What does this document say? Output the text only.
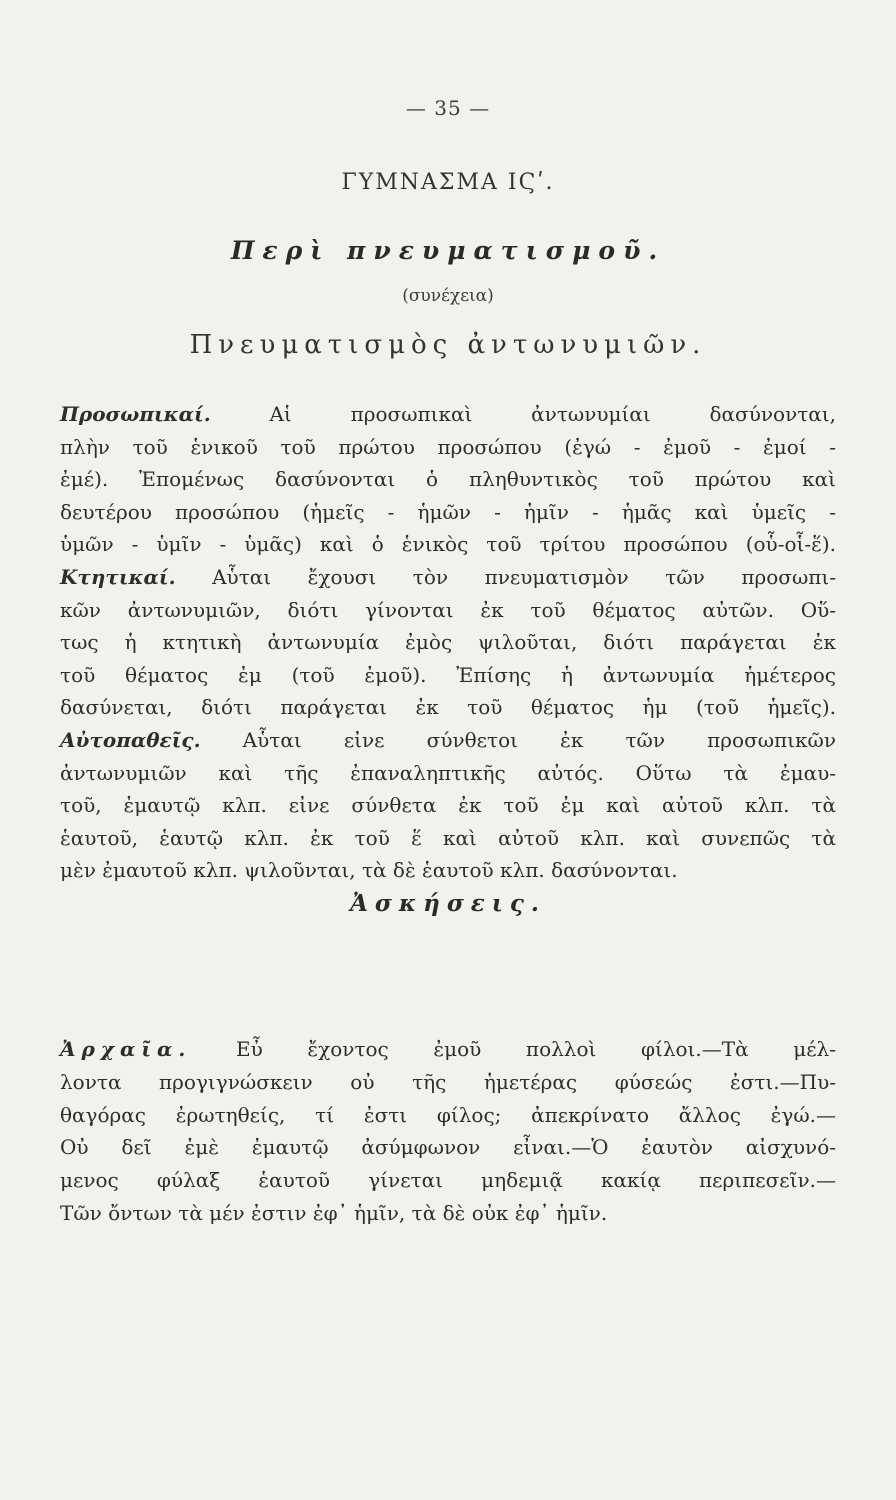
— 35 —
ΓΥΜΝΑΣΜΑ ΙϚʹ.
Περὶ πνευματισμοῦ.
(συνέχεια)
Πνευματισμὸς ἀντωνυμιῶν.
Προσωπικαί. Αἱ προσωπικαὶ ἀντωνυμίαι δασύνονται,
πλὴν τοῦ ἑνικοῦ τοῦ πρώτου προσώπου (ἐγώ - ἐμοῦ - ἐμοί -
ἐμέ). Ἑπομένως δασύνονται ὁ πληθυντικὸς τοῦ πρώτου καὶ
δευτέρου προσώπου (ἡμεῖς - ἡμῶν - ἡμῖν - ἡμᾶς καὶ ὑμεῖς -
ὑμῶν - ὑμῖν - ὑμᾶς) καὶ ὁ ἑνικὸς τοῦ τρίτου προσώπου (οὗ-οἷ-ἕ).
Κτητικαί. Αὗται ἔχουσι τὸν πνευματισμὸν τῶν προσωπι-
κῶν ἀντωνυμιῶν, διότι γίνονται ἐκ τοῦ θέματος αὐτῶν. Οὕ-
τως ἡ κτητικὴ ἀντωνυμία ἐμὸς ψιλοῦται, διότι παράγεται ἐκ
τοῦ θέματος ἐμ (τοῦ ἐμοῦ). Ἐπίσης ἡ ἀντωνυμία ἡμέτερος
δασύνεται, διότι παράγεται ἐκ τοῦ θέματος ἡμ (τοῦ ἡμεῖς).
Αὐτοπαθεῖς. Αὗται εἰνε σύνθετοι ἐκ τῶν προσωπικῶν
ἀντωνυμιῶν καὶ τῆς ἐπαναληπτικῆς αὐτός. Οὕτω τὰ ἐμαυ-
τοῦ, ἐμαυτῷ κλπ. εἰνε σύνθετα ἐκ τοῦ ἐμ καὶ αὐτοῦ κλπ. τὰ
ἑαυτοῦ, ἑαυτῷ κλπ. ἐκ τοῦ ἕ καὶ αὐτοῦ κλπ. καὶ συνεπῶς τὰ
μὲν ἐμαυτοῦ κλπ. ψιλοῦνται, τὰ δὲ ἑαυτοῦ κλπ. δασύνονται.
Ἀσκήσεις.
Ἀρχαῖα. Εὖ ἔχοντος ἐμοῦ πολλοὶ φίλοι.—Τὰ μέλ-
λοντα προγιγνώσκειν οὐ τῆς ἡμετέρας φύσεώς ἐστι.—Πυ-
θαγόρας ἐρωτηθείς, τί ἐστι φίλος; ἀπεκρίνατο ἄλλος ἐγώ.—
Οὐ δεῖ ἐμὲ ἐμαυτῷ ἀσύμφωνον εἶναι.—Ὁ ἑαυτὸν αἰσχυνό-
μενος φύλαξ ἑαυτοῦ γίνεται μηδεμιᾷ κακίᾳ περιπεσεῖν.—
Τῶν ὄντων τὰ μέν ἐστιν ἐφ᾽ ἡμῖν, τὰ δὲ οὐκ ἐφ᾽ ἡμῖν.
